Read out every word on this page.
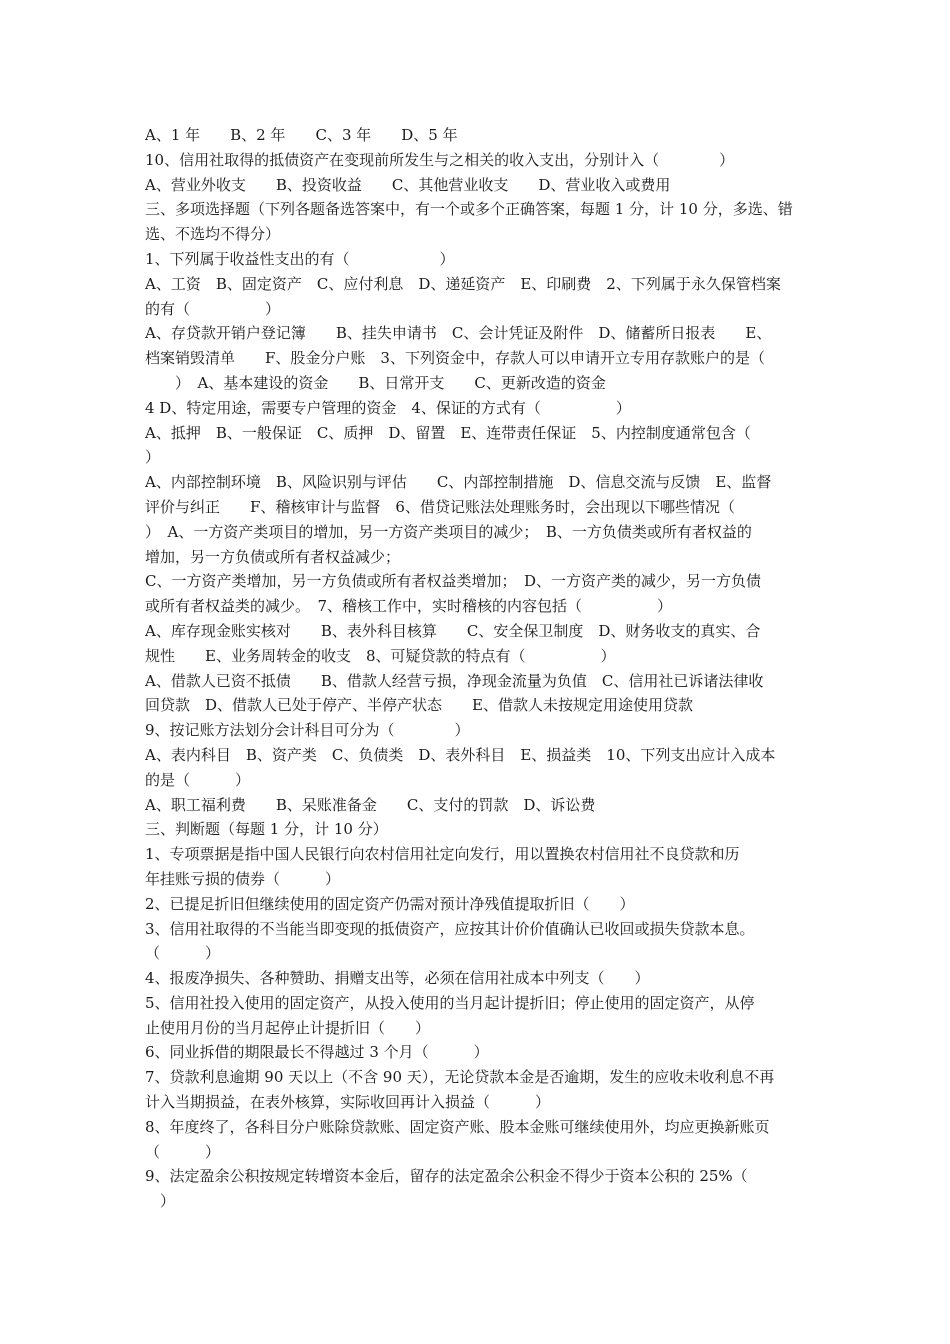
A、1 年　　B、2 年　　C、3 年　　D、5 年
10、信用社取得的抵债资产在变现前所发生与之相关的收入支出，分别计入（　　　　）
A、营业外收支　　B、投资收益　　C、其他营业收支　　D、营业收入或费用
三、多项选择题（下列各题备选答案中，有一个或多个正确答案，每题 1 分，计 10 分，多选、错
选、不选均不得分）
1、下列属于收益性支出的有（　　　　　　）
A、工资　B、固定资产　C、应付利息　D、递延资产　E、印刷费　2、下列属于永久保管档案
的有（　　　　　）
A、存贷款开销户登记簿　　B、挂失申请书　C、会计凭证及附件　D、储蓄所日报表　　E、
档案销毁清单　　F、股金分户账　3、下列资金中，存款人可以申请开立专用存款账户的是（
　　）　A、基本建设的资金　　B、日常开支　　C、更新改造的资金
4 D、特定用途，需要专户管理的资金　4、保证的方式有（　　　　　）
A、抵押　B、一般保证　C、质押　D、留置　E、连带责任保证　5、内控制度通常包含（
）
A、内部控制环境　B、风险识别与评估　　C、内部控制措施　D、信息交流与反馈　E、监督
评价与纠正　　F、稽核审计与监督　6、借贷记账法处理账务时，会出现以下哪些情况（
）　A、一方资产类项目的增加，另一方资产类项目的减少；　B、一方负债类或所有者权益的
增加，另一方负债或所有者权益减少；
C、一方资产类增加，另一方负债或所有者权益类增加；　D、一方资产类的减少，另一方负债
或所有者权益类的减少。　7、稽核工作中，实时稽核的内容包括（　　　　　）
A、库存现金账实核对　　B、表外科目核算　　C、安全保卫制度　D、财务收支的真实、合
规性　　E、业务周转金的收支　8、可疑贷款的特点有（　　　　　）
A、借款人已资不抵债　　B、借款人经营亏损，净现金流量为负值　C、信用社已诉诸法律收
回贷款　D、借款人已处于停产、半停产状态　　E、借款人未按规定用途使用贷款
9、按记账方法划分会计科目可分为（　　　　）
A、表内科目　B、资产类　C、负债类　D、表外科目　E、损益类　10、下列支出应计入成本
的是（　　　）
A、职工福利费　　B、呆账准备金　　C、支付的罚款　D、诉讼费
三、判断题（每题 1 分，计 10 分）
1、专项票据是指中国人民银行向农村信用社定向发行，用以置换农村信用社不良贷款和历
年挂账亏损的债券（　　　）
2、已提足折旧但继续使用的固定资产仍需对预计净残值提取折旧（　　）
3、信用社取得的不当能当即变现的抵债资产，应按其计价价值确认已收回或损失贷款本息。
（　　　）
4、报废净损失、各种赞助、捐赠支出等，必须在信用社成本中列支（　　）
5、信用社投入使用的固定资产，从投入使用的当月起计提折旧；停止使用的固定资产，从停
止使用月份的当月起停止计提折旧（　　）
6、同业拆借的期限最长不得越过 3 个月（　　　）
7、贷款利息逾期 90 天以上（不含 90 天），无论贷款本金是否逾期，发生的应收未收利息不再
计入当期损益，在表外核算，实际收回再计入损益（　　　）
8、年度终了，各科目分户账除贷款账、固定资产账、股本金账可继续使用外，均应更换新账页
（　　　）
9、法定盈余公积按规定转增资本金后，留存的法定盈余公积金不得少于资本公积的 25%（
　）
